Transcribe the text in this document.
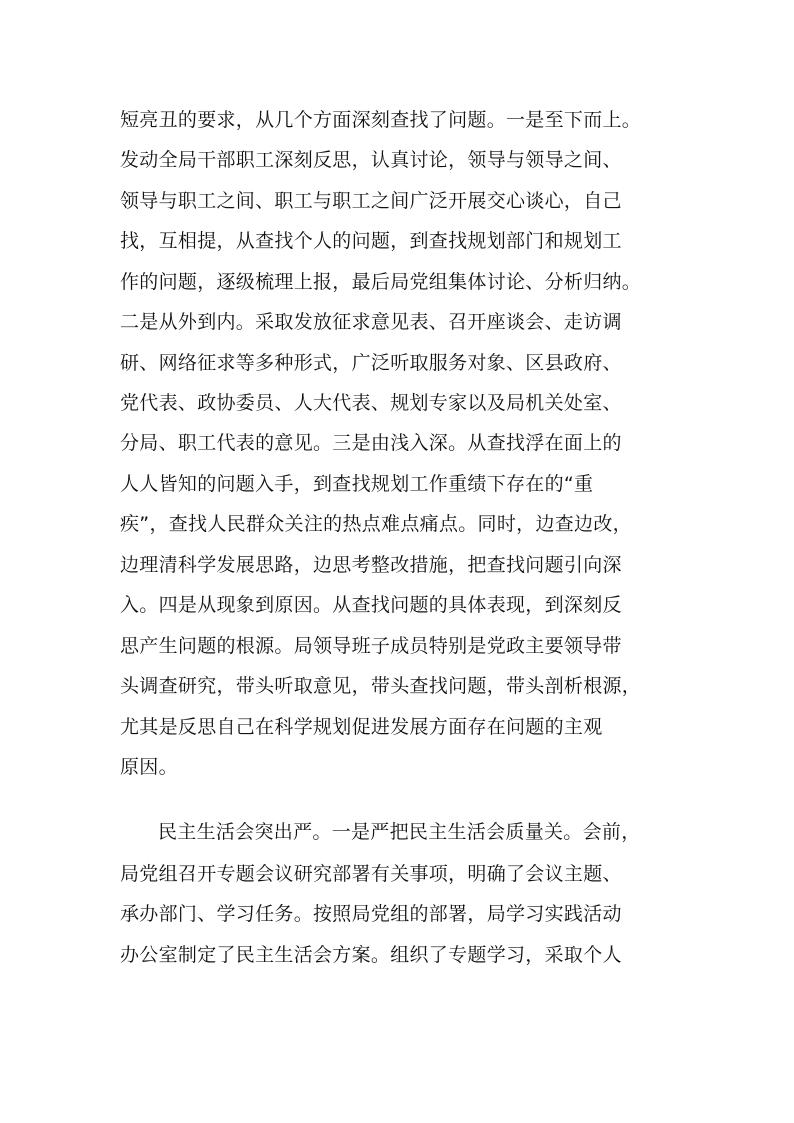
短亮丑的要求，从几个方面深刻查找了问题。一是至下而上。
发动全局干部职工深刻反思，认真讨论，领导与领导之间、
领导与职工之间、职工与职工之间广泛开展交心谈心，自己
找，互相提，从查找个人的问题，到查找规划部门和规划工
作的问题，逐级梳理上报，最后局党组集体讨论、分析归纳。
二是从外到内。采取发放征求意见表、召开座谈会、走访调
研、网络征求等多种形式，广泛听取服务对象、区县政府、
党代表、政协委员、人大代表、规划专家以及局机关处室、
分局、职工代表的意见。三是由浅入深。从查找浮在面上的
人人皆知的问题入手，到查找规划工作重绩下存在的“重
疾”，查找人民群众关注的热点难点痛点。同时，边查边改，
边理清科学发展思路，边思考整改措施，把查找问题引向深
入。四是从现象到原因。从查找问题的具体表现，到深刻反
思产生问题的根源。局领导班子成员特别是党政主要领导带
头调查研究，带头听取意见，带头查找问题，带头剖析根源，
尤其是反思自己在科学规划促进发展方面存在问题的主观
原因。
民主生活会突出严。一是严把民主生活会质量关。会前，
局党组召开专题会议研究部署有关事项，明确了会议主题、
承办部门、学习任务。按照局党组的部署，局学习实践活动
办公室制定了民主生活会方案。组织了专题学习，采取个人
